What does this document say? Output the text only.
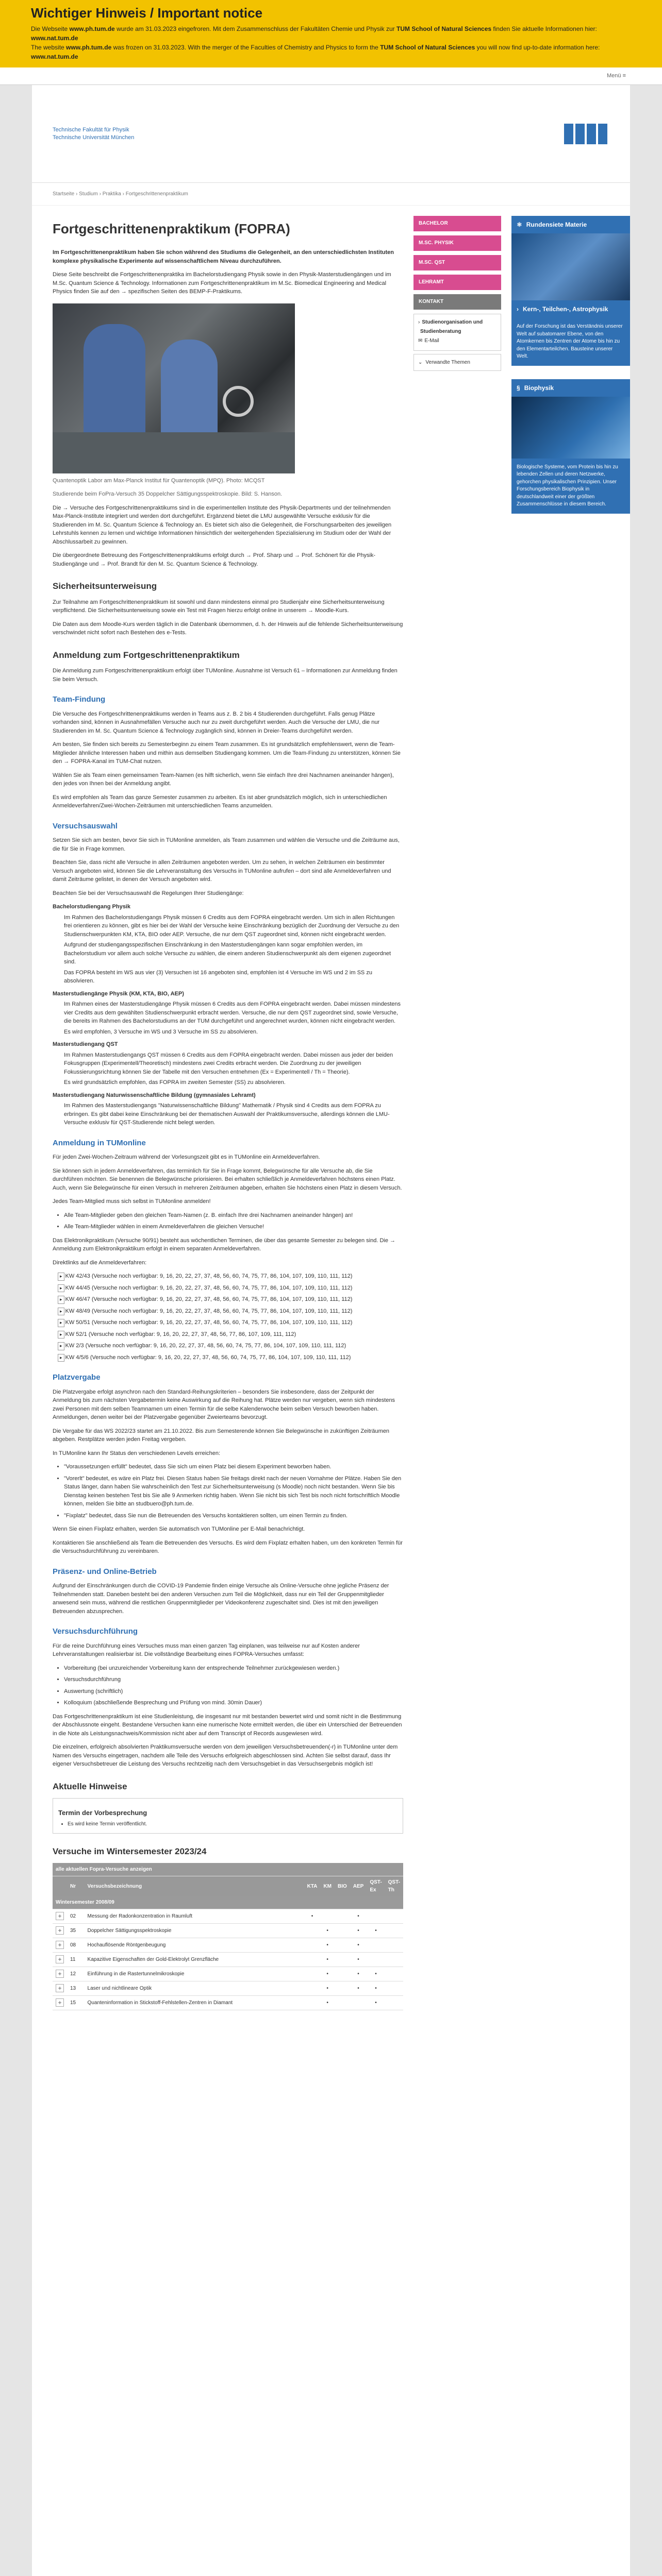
Wichtiger Hinweis / Important notice

Die Webseite www.ph.tum.de wurde am 31.03.2023 eingefroren. Mit dem Zusammenschluss der Fakultäten Chemie und Physik zur TUM School of Natural Sciences finden Sie aktuelle Informationen hier: www.nat.tum.de

The website www.ph.tum.de was frozen on 31.03.2023. With the merger of the Faculties of Chemistry and Physics to form the TUM School of Natural Sciences you will now find up-to-date information here: www.nat.tum.de

Menü ≡
Technische Fakultät für Physik
Technische Universität München
Startseite › Studium › Praktika › Fortgeschrittenenpraktikum
Fortgeschrittenenpraktikum (FOPRA)

Im Fortgeschrittenenpraktikum haben Sie schon während des Studiums die Gelegenheit, an den unterschiedlichsten Instituten komplexe physikalische Experimente auf wissenschaftlichem Niveau durchzuführen.

Diese Seite beschreibt die Fortgeschrittenenpraktika im Bachelorstudiengang Physik sowie in den Physik-Masterstudiengängen und im M.Sc. Quantum Science & Technology. Informationen zum Fortgeschrittenenpraktikum im M.Sc. Biomedical Engineering and Medical Physics finden Sie auf den → spezifischen Seiten des BEMP-F-Praktikums.

Quantenoptik Labor am Max-Planck Institut für Quantenoptik (MPQ). Photo: MCQST

Studierende beim FoPra-Versuch 35 Doppelcher Sättigungsspektroskopie. Bild: S. Hanson.

Die → Versuche des Fortgeschrittenenpraktikums sind in die experimentellen Institute des Physik-Departments und der teilnehmenden Max-Planck-Institute integriert und werden dort durchgeführt. Ergänzend bietet die LMU ausgewählte Versuche exklusiv für die Studierenden im M. Sc. Quantum Science & Technology an. Es bietet sich also die Gelegenheit, die Forschungsarbeiten des jeweiligen Lehrstuhls kennen zu lernen und wichtige Informationen hinsichtlich der weitergehenden Spezialisierung im Studium oder der Wahl der Abschlussarbeit zu gewinnen.

Die übergeordnete Betreuung des Fortgeschrittenenpraktikums erfolgt durch → Prof. Sharp und → Prof. Schönert für die Physik-Studiengänge und → Prof. Brandt für den M. Sc. Quantum Science & Technology.

Sicherheitsunterweisung

Zur Teilnahme am Fortgeschrittenenpraktikum ist sowohl und dann mindestens einmal pro Studienjahr eine Sicherheitsunterweisung verpflichtend. Die Sicherheitsunterweisung sowie ein Test mit Fragen hierzu erfolgt online in unserem → Moodle-Kurs.

Die Daten aus dem Moodle-Kurs werden täglich in die Datenbank übernommen, d. h. der Hinweis auf die fehlende Sicherheitsunterweisung verschwindet nicht sofort nach Bestehen des e-Tests.

Anmeldung zum Fortgeschrittenenpraktikum

Die Anmeldung zum Fortgeschrittenenpraktikum erfolgt über TUMonline. Ausnahme ist Versuch 61 – Informationen zur Anmeldung finden Sie beim Versuch.

Team-Findung

Die Versuche des Fortgeschrittenenpraktikums werden in Teams aus z. B. 2 bis 4 Studierenden durchgeführt. Falls genug Plätze vorhanden sind, können in Ausnahmefällen Versuche auch nur zu zweit durchgeführt werden. Auch die Versuche der LMU, die nur Studierenden im M. Sc. Quantum Science & Technology zugänglich sind, können in Dreier-Teams durchgeführt werden.

Am besten, Sie finden sich bereits zu Semesterbeginn zu einem Team zusammen. Es ist grundsätzlich empfehlenswert, wenn die Team-Mitglieder ähnliche Interessen haben und mithin aus demselben Studiengang kommen. Um die Team-Findung zu unterstützen, können Sie den → FOPRA-Kanal im TUM-Chat nutzen.

Wählen Sie als Team einen gemeinsamen Team-Namen (es hilft sicherlich, wenn Sie einfach Ihre drei Nachnamen aneinander hängen), den jedes von Ihnen bei der Anmeldung angibt.

Es wird empfohlen als Team das ganze Semester zusammen zu arbeiten. Es ist aber grundsätzlich möglich, sich in unterschiedlichen Anmeldeverfahren/Zwei-Wochen-Zeiträumen mit unterschiedlichen Teams anzumelden.

Versuchsauswahl

Setzen Sie sich am besten, bevor Sie sich in TUMonline anmelden, als Team zusammen und wählen die Versuche und die Zeiträume aus, die für Sie in Frage kommen.

Beachten Sie, dass nicht alle Versuche in allen Zeiträumen angeboten werden. Um zu sehen, in welchen Zeiträumen ein bestimmter Versuch angeboten wird, können Sie die Lehrveranstaltung des Versuchs in TUMonline aufrufen – dort sind alle Anmeldeverfahren und damit Zeiträume gelistet, in denen der Versuch angeboten wird.

Beachten Sie bei der Versuchsauswahl die Regelungen Ihrer Studiengänge:

Bachelorstudiengang Physik

Im Rahmen des Bachelorstudiengangs Physik müssen 6 Credits aus dem FOPRA eingebracht werden. Um sich in allen Richtungen frei orientieren zu können, gibt es hier bei der Wahl der Versuche keine Einschränkung bezüglich der Zuordnung der Versuche zu den Studienschwerpunkten KM, KTA, BIO oder AEP. Versuche, die nur dem QST zugeordnet sind, können nicht eingebracht werden.

Aufgrund der studiengangsspezifischen Einschränkung in den Masterstudiengängen kann sogar empfohlen werden, im Bachelorstudium vor allem auch solche Versuche zu wählen, die einem anderen Studienschwerpunkt als dem eigenen zugeordnet sind.

Das FOPRA besteht im WS aus vier (3) Versuchen ist 16 angeboten sind, empfohlen ist 4 Versuche im WS und 2 im SS zu absolvieren.

Masterstudiengänge Physik (KM, KTA, BIO, AEP)

Im Rahmen eines der Masterstudiengänge Physik müssen 6 Credits aus dem FOPRA eingebracht werden. Dabei müssen mindestens vier Credits aus dem gewählten Studienschwerpunkt erbracht werden. Versuche, die nur dem QST zugeordnet sind, sowie Versuche, die bereits im Rahmen des Bachelorstudiums an der TUM durchgeführt und angerechnet wurden, können nicht eingebracht werden.

Es wird empfohlen, 3 Versuche im WS und 3 Versuche im SS zu absolvieren.

Masterstudiengang QST

Im Rahmen Masterstudiengangs QST müssen 6 Credits aus dem FOPRA eingebracht werden. Dabei müssen aus jeder der beiden Fokusgruppen (Experimentell/Theoretisch) mindestens zwei Credits erbracht werden. Die Zuordnung zu der jeweiligen Fokussierungsrichtung können Sie der Tabelle mit den Versuchen entnehmen (Ex = Experimentell / Th = Theorie).

Es wird grundsätzlich empfohlen, das FOPRA im zweiten Semester (SS) zu absolvieren.

Masterstudiengang Naturwissenschaftliche Bildung (gymnasiales Lehramt)

Im Rahmen des Masterstudiengangs "Naturwissenschaftliche Bildung" Mathematik / Physik sind 4 Credits aus dem FOPRA zu erbringen. Es gibt dabei keine Einschränkung bei der thematischen Auswahl der Praktikumsversuche, allerdings können die LMU-Versuche exklusiv für QST-Studierende nicht belegt werden.

Anmeldung in TUMonline

Für jeden Zwei-Wochen-Zeitraum während der Vorlesungszeit gibt es in TUMonline ein Anmeldeverfahren.

Sie können sich in jedem Anmeldeverfahren, das terminlich für Sie in Frage kommt, Belegwünsche für alle Versuche ab, die Sie durchführen möchten. Sie benennen die Belegwünsche priorisieren. Bei erhalten schließlich je Anmeldeverfahren höchstens einen Platz. Auch, wenn Sie Belegwünsche für einen Versuch in mehreren Zeiträumen abgeben, erhalten Sie höchstens einen Platz in diesem Versuch.

Jedes Team-Mitglied muss sich selbst in TUMonline anmelden!

• Alle Team-Mitglieder geben den gleichen Team-Namen (z. B. einfach Ihre drei Nachnamen aneinander hängen) an!
• Alle Team-Mitglieder wählen in einem Anmeldeverfahren die gleichen Versuche!

Das Elektronikpraktikum (Versuche 90/91) besteht aus wöchentlichen Terminen, die über das gesamte Semester zu belegen sind. Die → Anmeldung zum Elektronikpraktikum erfolgt in einem separaten Anmeldeverfahren.

Direktlinks auf die Anmeldeverfahren:

▸ KW 42/43 (Versuche noch verfügbar: 9, 16, 20, 22, 27, 37, 48, 56, 60, 74, 75, 77, 86, 104, 107, 109, 110, 111, 112)
▸ KW 44/45 (Versuche noch verfügbar: 9, 16, 20, 22, 27, 37, 48, 56, 60, 74, 75, 77, 86, 104, 107, 109, 110, 111, 112)
▸ KW 46/47 (Versuche noch verfügbar: 9, 16, 20, 22, 27, 37, 48, 56, 60, 74, 75, 77, 86, 104, 107, 109, 110, 111, 112)
▸ KW 48/49 (Versuche noch verfügbar: 9, 16, 20, 22, 27, 37, 48, 56, 60, 74, 75, 77, 86, 104, 107, 109, 110, 111, 112)
▸ KW 50/51 (Versuche noch verfügbar: 9, 16, 20, 22, 27, 37, 48, 56, 60, 74, 75, 77, 86, 104, 107, 109, 110, 111, 112)
▸ KW 52/1 (Versuche noch verfügbar: 9, 16, 20, 22, 27, 37, 48, 56, 77, 86, 107, 109, 111, 112)
▸ KW 2/3 (Versuche noch verfügbar: 9, 16, 20, 22, 27, 37, 48, 56, 60, 74, 75, 77, 86, 104, 107, 109, 110, 111, 112)
▸ KW 4/5/6 (Versuche noch verfügbar: 9, 16, 20, 22, 27, 37, 48, 56, 60, 74, 75, 77, 86, 104, 107, 109, 110, 111, 112)
Platzvergabe

Die Platzvergabe erfolgt asynchron nach den Standard-Reihungskriterien – besonders Sie insbesondere, dass der Zeitpunkt der Anmeldung bis zum nächsten Vergabetermin keine Auswirkung auf die Reihung hat. Plätze werden nur vergeben, wenn sich mindestens zwei Personen mit dem selben Teamnamen um einen Termin für die selbe Kalenderwoche beim selben Versuch beworben haben. Anmeldungen, denen weiter bei der Platzvergabe gegenüber Zweierteams bevorzugt.

Die Vergabe für das WS 2022/23 startet am 21.10.2022. Bis zum Semesterende können Sie Belegwünsche in zukünftigen Zeiträumen abgeben. Restplätze werden jeden Freitag vergeben.

In TUMonline kann Ihr Status den verschiedenen Levels erreichen:

• "Voraussetzungen erfüllt" bedeutet, dass Sie sich um einen Platz bei diesem Experiment beworben haben.
• "Vorerlt" bedeutet, es wäre ein Platz frei. Diesen Status haben Sie freitags direkt nach der neuen Vornahme der Plätze. Haben Sie den Status länger, dann haben Sie wahrscheinlich den Test zur Sicherheitsunterweisung (s Moodle) noch nicht bestanden. Wenn Sie bis Dienstag keinen bestehen Test bis Sie alle 9 Anmerken richtig haben. Wenn Sie nicht bis sich Test bis noch nicht fortschriftlich Moodle können, melden Sie bitte an studbuero@ph.tum.de.
• "Fixplatz" bedeutet, dass Sie nun die Betreuenden des Versuchs kontaktieren sollten, um einen Termin zu finden.

Wenn Sie einen Fixplatz erhalten, werden Sie automatisch von TUMonline per E-Mail benachrichtigt.

Kontaktieren Sie anschließend als Team die Betreuenden des Versuchs. Es wird dem Fixplatz erhalten haben, um den konkreten Termin für die Versuchsdurchführung zu vereinbaren.

Präsenz- und Online-Betrieb

Aufgrund der Einschränkungen durch die COVID-19 Pandemie finden einige Versuche als Online-Versuche ohne jegliche Präsenz der Teilnehmenden statt. Daneben besteht bei den anderen Versuchen zum Teil die Möglichkeit, dass nur ein Teil der Gruppenmitglieder anwesend sein muss, während die restlichen Gruppenmitglieder per Videokonferenz zugeschaltet sind. Dies ist mit den jeweiligen Betreuenden abzusprechen.

Versuchsdurchführung

Für die reine Durchführung eines Versuches muss man einen ganzen Tag einplanen, was teilweise nur auf Kosten anderer Lehrveranstaltungen realisierbar ist. Die vollständige Bearbeitung eines FOPRA-Versuches umfasst:

• Vorbereitung (bei unzureichender Vorbereitung kann der entsprechende Teilnehmer zurückgewiesen werden.)
• Versuchsdurchführung
• Auswertung (schriftlich)
• Kolloquium (abschließende Besprechung und Prüfung von mind. 30min Dauer)

Das Fortgeschrittenenpraktikum ist eine Studienleistung, die insgesamt nur mit bestanden bewertet wird und somit nicht in die Bestimmung der Abschlussnote eingeht. Bestandene Versuchen kann eine numerische Note ermittelt werden, die über ein Unterschied der Betreuenden in die Note als Leistungsnachweis/Kommission nicht aber auf dem Transcript of Records ausgewiesen wird.

Die einzelnen, erfolgreich absolvierten Praktikumsversuche werden von dem jeweiligen Versuchsbetreuenden(-r) in TUMonline unter dem Namen des Versuchs eingetragen, nachdem alle Teile des Versuchs erfolgreich abgeschlossen sind. Achten Sie selbst darauf, dass Ihr eigener Versuchsbetreuer die Leistung des Versuchs rechtzeitig nach dem Versuchsgebiet in das Versuchsergebnis möglich ist!

Aktuelle Hinweise
Termin der Vorbesprechung
• Es wird keine Termin veröffentlicht.
Versuche im Wintersemester 2023/24
alle aktuellen Fopra-Versuche anzeigen								
	Nr	Versuchsbezeichnung	KTA	KM	BIO	AEP	QST-Ex	QST-Th
Wintersemester 2008/09								
+	02	Messung der Radonkonzentration in Raumluft	•			•		
+	35	Doppelcher Sättigungsspektroskopie		•		•	•	
+	08	Hochauflösende Röntgenbeugung		•		•		
+	11	Kapazitive Eigenschaften der Gold-Elektrolyt Grenzfläche		•		•		
+	12	Einführung in die Rastertunnelmikroskopie		•		•	•	
+	13	Laser und nichtlineare Optik		•		•	•	
+	15	Quanteninformation in Stickstoff-Fehlstellen-Zentren in Diamant		•			•	
BACHELOR
M.SC. PHYSIK
M.SC. QST
LEHRAMT
KONTAKT
› Studienorganisation und
Studienberatung
✉ E-Mail
⌄ Verwandte Themen
⚛ Rundensiete Materie
› Kern-, Teilchen-, Astrophysik
Auf der Forschung ist das Verständnis unserer Welt auf subatomarer Ebene, von den Atomkernen bis Zentren der Atome bis hin zu den Elementarteilchen. Bausteine unserer Welt.
§ Biophysik
Biologische Systeme, vom Protein bis hin zu lebenden Zellen und deren Netzwerke, gehorchen physikalischen Prinzipien. Unser Forschungsbereich Biophysik in deutschlandweit einer der größten Zusammenschlüsse in diesem Bereich.
